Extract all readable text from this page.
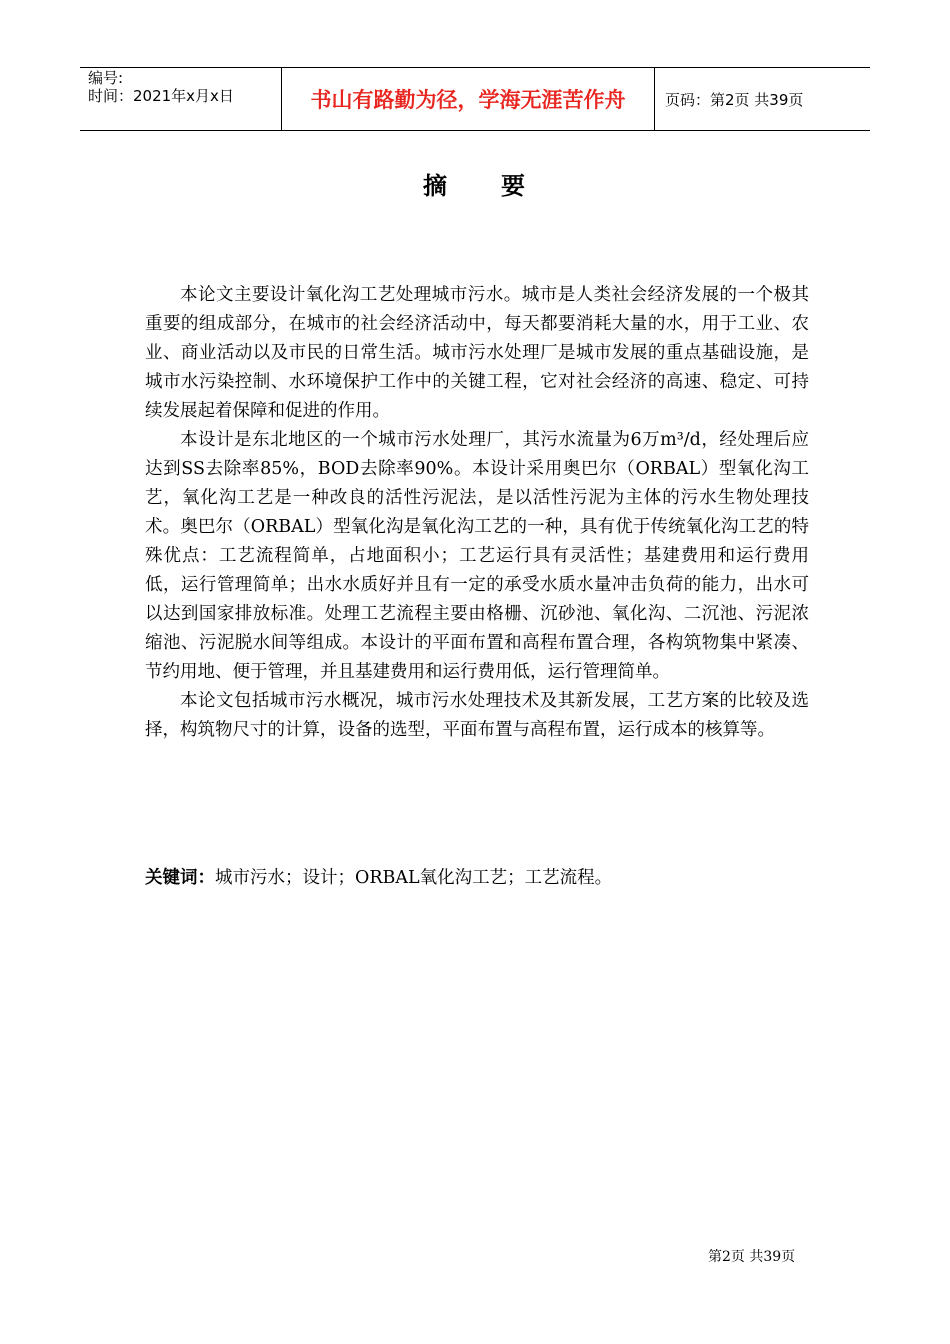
编号:
时间：2021年x月x日	书山有路勤为径，学海无涯苦作舟	页码：第2页 共39页
摘　　要

本论文主要设计氧化沟工艺处理城市污水。城市是人类社会经济发展的一个极其重要的组成部分，在城市的社会经济活动中，每天都要消耗大量的水，用于工业、农业、商业活动以及市民的日常生活。城市污水处理厂是城市发展的重点基础设施，是城市水污染控制、水环境保护工作中的关键工程，它对社会经济的高速、稳定、可持续发展起着保障和促进的作用。

本设计是东北地区的一个城市污水处理厂，其污水流量为6万m³/d，经处理后应达到SS去除率85%，BOD去除率90%。本设计采用奥巴尔（ORBAL）型氧化沟工艺，氧化沟工艺是一种改良的活性污泥法，是以活性污泥为主体的污水生物处理技术。奥巴尔（ORBAL）型氧化沟是氧化沟工艺的一种，具有优于传统氧化沟工艺的特殊优点：工艺流程简单，占地面积小；工艺运行具有灵活性；基建费用和运行费用低，运行管理简单；出水水质好并且有一定的承受水质水量冲击负荷的能力，出水可以达到国家排放标准。处理工艺流程主要由格栅、沉砂池、氧化沟、二沉池、污泥浓缩池、污泥脱水间等组成。本设计的平面布置和高程布置合理，各构筑物集中紧凑、节约用地、便于管理，并且基建费用和运行费用低，运行管理简单。

本论文包括城市污水概况，城市污水处理技术及其新发展，工艺方案的比较及选择，构筑物尺寸的计算，设备的选型，平面布置与高程布置，运行成本的核算等。

关键词：城市污水；设计；ORBAL氧化沟工艺；工艺流程。
第2页 共39页
